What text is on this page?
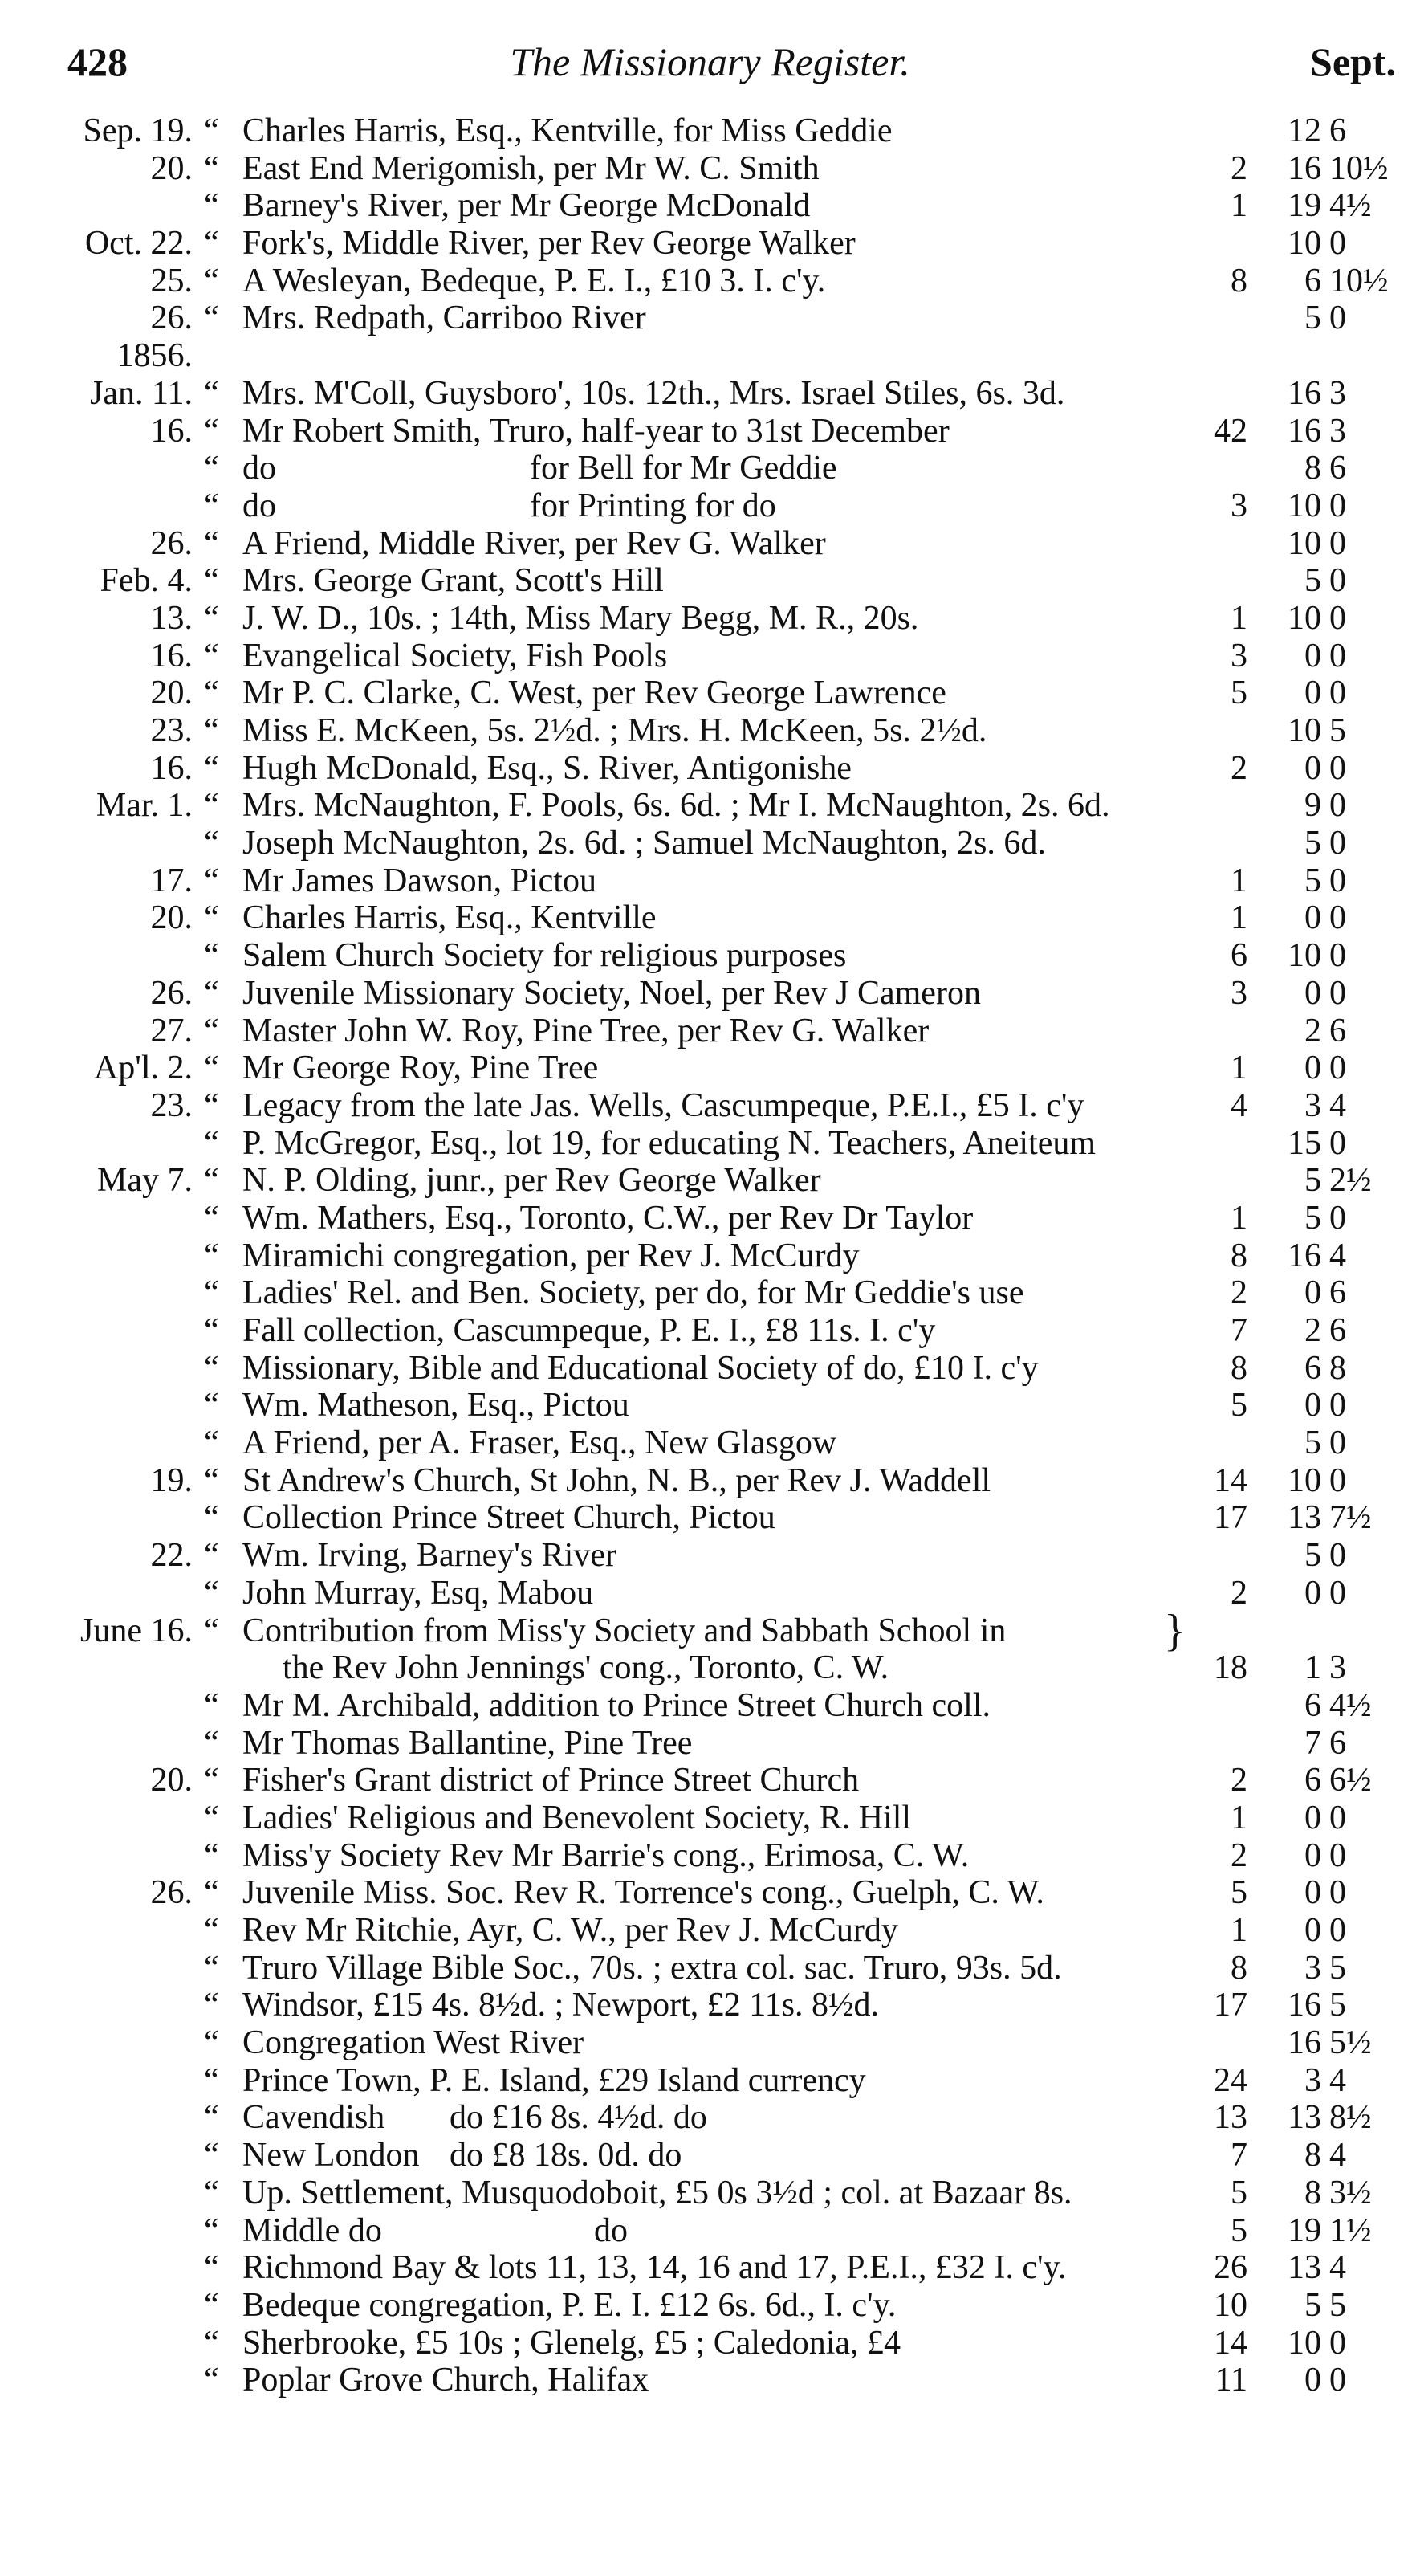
428	The Missionary Register.	Sept.
Sep. 19. “ Charles Harris, Esq., Kentville, for Miss Geddie	12 6
20. “ East End Merigomish, per Mr W. C. Smith	2	16 10½
“ Barney's River, per Mr George McDonald	1	19 4½
Oct. 22. “ Fork's, Middle River, per Rev George Walker	10 0
25. “ A Wesleyan, Bedeque, P. E. I., £10 3. I. c'y.	8	6 10½
26. “ Mrs. Redpath, Carriboo River	5 0
1856.
Jan. 11. “ Mrs. M'Coll, Guysboro', 10s. 12th., Mrs. Israel Stiles, 6s. 3d.	16 3
16. “ Mr Robert Smith, Truro, half-year to 31st December	42	16 3
“ do	for Bell for Mr Geddie	8 6
“ do	for Printing for do	3	10 0
26. “ A Friend, Middle River, per Rev G. Walker	10 0
Feb. 4. “ Mrs. George Grant, Scott's Hill	5 0
13. “ J. W. D., 10s. ; 14th, Miss Mary Begg, M. R., 20s.	1	10 0
16. “ Evangelical Society, Fish Pools	3	0 0
20. “ Mr P. C. Clarke, C. West, per Rev George Lawrence	5	0 0
23. “ Miss E. McKeen, 5s. 2½d. ; Mrs. H. McKeen, 5s. 2½d.	10 5
16. “ Hugh McDonald, Esq., S. River, Antigonishe	2	0 0
Mar. 1. “ Mrs. McNaughton, F. Pools, 6s. 6d. ; Mr I. McNaughton, 2s. 6d.	9 0
“ Joseph McNaughton, 2s. 6d. ; Samuel McNaughton, 2s. 6d.	5 0
17. “ Mr James Dawson, Pictou	1	5 0
20. “ Charles Harris, Esq., Kentville	1	0 0
“ Salem Church Society for religious purposes	6	10 0
26. “ Juvenile Missionary Society, Noel, per Rev J Cameron	3	0 0
27. “ Master John W. Roy, Pine Tree, per Rev G. Walker	2 6
Ap'l. 2. “ Mr George Roy, Pine Tree	1	0 0
23. “ Legacy from the late Jas. Wells, Cascumpeque, P.E.I., £5 I. c'y	4	3 4
“ P. McGregor, Esq., lot 19, for educating N. Teachers, Aneiteum	15 0
May 7. “ N. P. Olding, junr., per Rev George Walker	5 2½
“ Wm. Mathers, Esq., Toronto, C.W., per Rev Dr Taylor	1	5 0
“ Miramichi congregation, per Rev J. McCurdy	8	16 4
“ Ladies' Rel. and Ben. Society, per do, for Mr Geddie's use	2	0 6
“ Fall collection, Cascumpeque, P. E. I., £8 11s. I. c'y	7	2 6
“ Missionary, Bible and Educational Society of do, £10 I. c'y	8	6 8
“ Wm. Matheson, Esq., Pictou	5	0 0
“ A Friend, per A. Fraser, Esq., New Glasgow	5 0
19. “ St Andrew's Church, St John, N. B., per Rev J. Waddell	14	10 0
“ Collection Prince Street Church, Pictou	17	13 7½
22. “ Wm. Irving, Barney's River	5 0
“ John Murray, Esq, Mabou	2	0 0
June 16. “ Contribution from Miss'y Society and Sabbath School in	}
the Rev John Jennings' cong., Toronto, C. W.	18	1 3
“ Mr M. Archibald, addition to Prince Street Church coll.	6 4½
“ Mr Thomas Ballantine, Pine Tree	7 6
20. “ Fisher's Grant district of Prince Street Church	2	6 6½
“ Ladies' Religious and Benevolent Society, R. Hill	1	0 0
“ Miss'y Society Rev Mr Barrie's cong., Erimosa, C. W.	2	0 0
26. “ Juvenile Miss. Soc. Rev R. Torrence's cong., Guelph, C. W.	5	0 0
“ Rev Mr Ritchie, Ayr, C. W., per Rev J. McCurdy	1	0 0
“ Truro Village Bible Soc., 70s. ; extra col. sac. Truro, 93s. 5d.	8	3 5
“ Windsor, £15 4s. 8½d. ; Newport, £2 11s. 8½d.	17	16 5
“ Congregation West River	16 5½
“ Prince Town, P. E. Island, £29 Island currency	24	3 4
“ Cavendish do £16 8s. 4½d. do	13	13 8½
“ New London do £8 18s. 0d. do	7	8 4
“ Up. Settlement, Musquodoboit, £5 0s 3½d ; col. at Bazaar 8s.	5	8 3½
“ Middle do	do	5	19 1½
“ Richmond Bay & lots 11, 13, 14, 16 and 17, P.E.I., £32 I. c'y.	26	13 4
“ Bedeque congregation, P. E. I. £12 6s. 6d., I. c'y.	10	5 5
“ Sherbrooke, £5 10s ; Glenelg, £5 ; Caledonia, £4	14	10 0
“ Poplar Grove Church, Halifax	11	0 0
